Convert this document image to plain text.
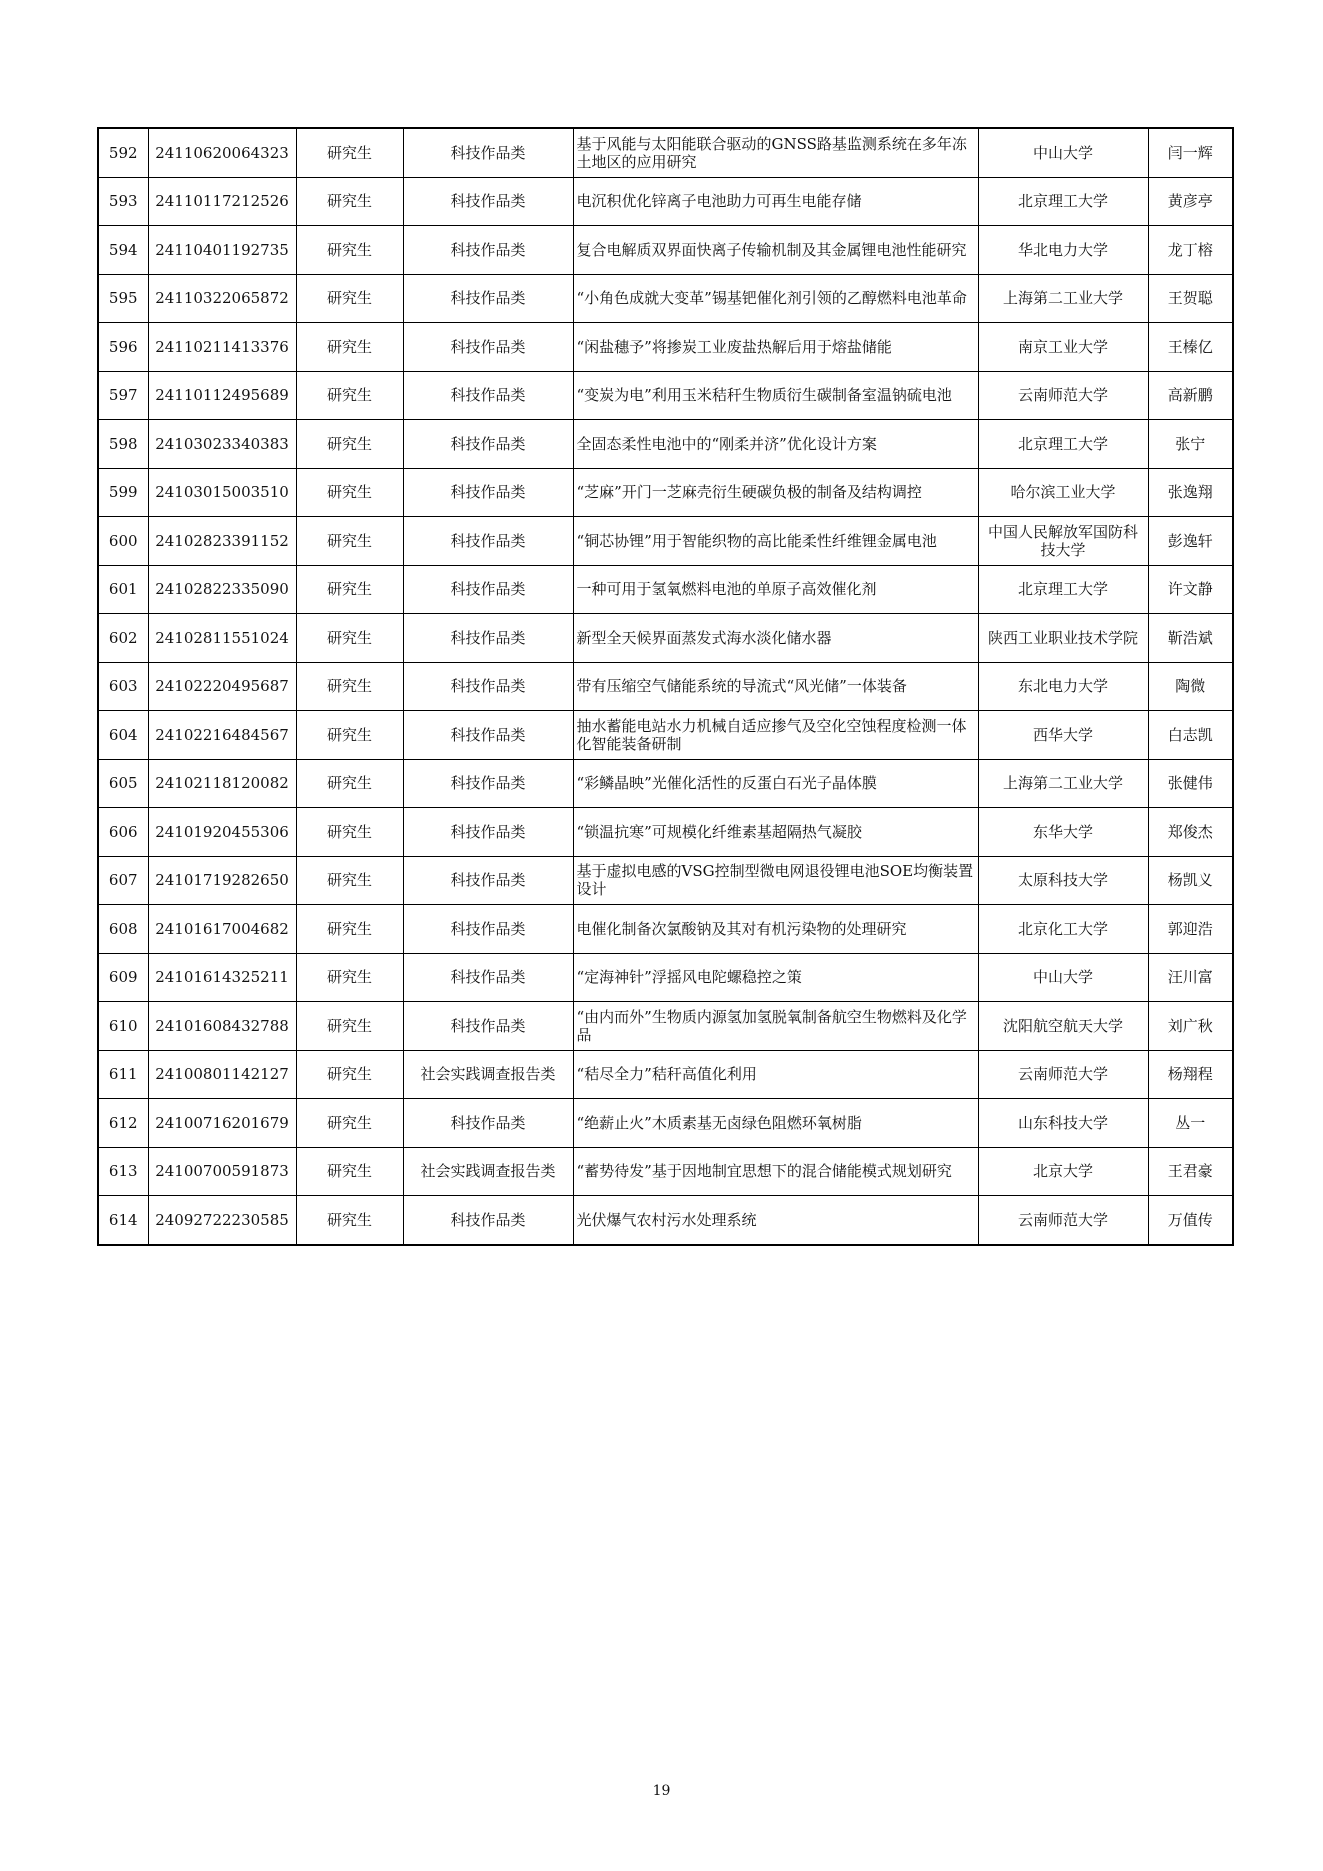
592	24110620064323	研究生	科技作品类	基于风能与太阳能联合驱动的GNSS路基监测系统在多年冻土地区的应用研究	中山大学	闫一辉
593	24110117212526	研究生	科技作品类	电沉积优化锌离子电池助力可再生电能存储	北京理工大学	黄彦亭
594	24110401192735	研究生	科技作品类	复合电解质双界面快离子传输机制及其金属锂电池性能研究	华北电力大学	龙丁榕
595	24110322065872	研究生	科技作品类	“小角色成就大变革”锡基钯催化剂引领的乙醇燃料电池革命	上海第二工业大学	王贺聪
596	24110211413376	研究生	科技作品类	“闲盐穗予”将掺炭工业废盐热解后用于熔盐储能	南京工业大学	王榛亿
597	24110112495689	研究生	科技作品类	“变炭为电”利用玉米秸秆生物质衍生碳制备室温钠硫电池	云南师范大学	高新鹏
598	24103023340383	研究生	科技作品类	全固态柔性电池中的“刚柔并济”优化设计方案	北京理工大学	张宁
599	24103015003510	研究生	科技作品类	“芝麻”开门一芝麻壳衍生硬碳负极的制备及结构调控	哈尔滨工业大学	张逸翔
600	24102823391152	研究生	科技作品类	“铜芯协锂”用于智能织物的高比能柔性纤维锂金属电池	中国人民解放军国防科技大学	彭逸轩
601	24102822335090	研究生	科技作品类	一种可用于氢氧燃料电池的单原子高效催化剂	北京理工大学	许文静
602	24102811551024	研究生	科技作品类	新型全天候界面蒸发式海水淡化储水器	陕西工业职业技术学院	靳浩斌
603	24102220495687	研究生	科技作品类	带有压缩空气储能系统的导流式“风光储”一体装备	东北电力大学	陶微
604	24102216484567	研究生	科技作品类	抽水蓄能电站水力机械自适应掺气及空化空蚀程度检测一体化智能装备研制	西华大学	白志凯
605	24102118120082	研究生	科技作品类	“彩鳞晶映”光催化活性的反蛋白石光子晶体膜	上海第二工业大学	张健伟
606	24101920455306	研究生	科技作品类	“锁温抗寒”可规模化纤维素基超隔热气凝胶	东华大学	郑俊杰
607	24101719282650	研究生	科技作品类	基于虚拟电感的VSG控制型微电网退役锂电池SOE均衡装置设计	太原科技大学	杨凯义
608	24101617004682	研究生	科技作品类	电催化制备次氯酸钠及其对有机污染物的处理研究	北京化工大学	郭迎浩
609	24101614325211	研究生	科技作品类	“定海神针”浮摇风电陀螺稳控之策	中山大学	汪川富
610	24101608432788	研究生	科技作品类	“由内而外”生物质内源氢加氢脱氧制备航空生物燃料及化学品	沈阳航空航天大学	刘广秋
611	24100801142127	研究生	社会实践调查报告类	“秸尽全力”秸秆高值化利用	云南师范大学	杨翔程
612	24100716201679	研究生	科技作品类	“绝薪止火”木质素基无卤绿色阻燃环氧树脂	山东科技大学	丛一
613	24100700591873	研究生	社会实践调查报告类	“蓄势待发”基于因地制宜思想下的混合储能模式规划研究	北京大学	王君豪
614	24092722230585	研究生	科技作品类	光伏爆气农村污水处理系统	云南师范大学	万值传
19
